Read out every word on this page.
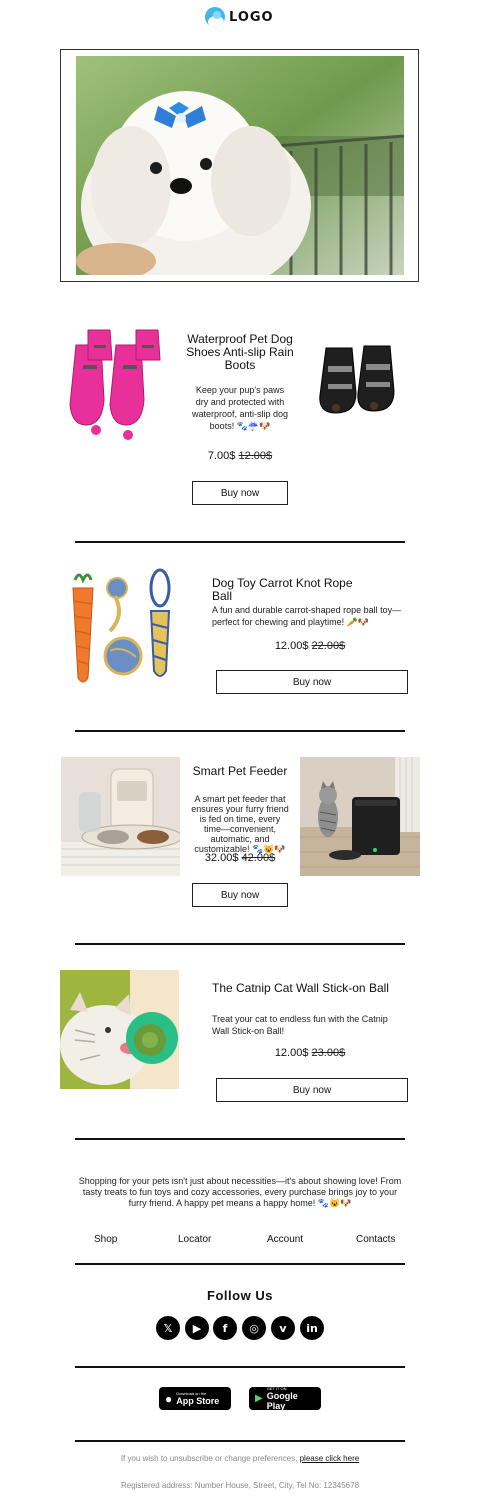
LOGO
Waterproof Pet Dog Shoes Anti-slip Rain Boots
Keep your pup's paws dry and protected with waterproof, anti-slip dog boots! 🐾☔🐶
7.00$ 12.00$
Buy now
Dog Toy Carrot Knot Rope Ball
A fun and durable carrot-shaped rope ball toy—perfect for chewing and playtime! 🥕🐶
12.00$ 22.00$
Buy now
Smart Pet Feeder
A smart pet feeder that ensures your furry friend is fed on time, every time—convenient, automatic, and customizable! 🐾😺🐶
32.00$ 42.00$
Buy now
The Catnip Cat Wall Stick-on Ball
Treat your cat to endless fun with the Catnip Wall Stick-on Ball!
12.00$ 23.00$
Buy now
Shopping for your pets isn't just about necessities—it's about showing love! From tasty treats to fun toys and cozy accessories, every purchase brings joy to your furry friend. A happy pet means a happy home! 🐾😺🐶
Shop	Locator	Account	Contacts
Follow Us
𝕏	▶	f	◎	v	in
● Download on the
App Store	▶
GET IT ON
Google Play
If you wish to unsubscribe or change preferences, please click here
Registered address: Number House, Street, City, Tel No: 12345678
